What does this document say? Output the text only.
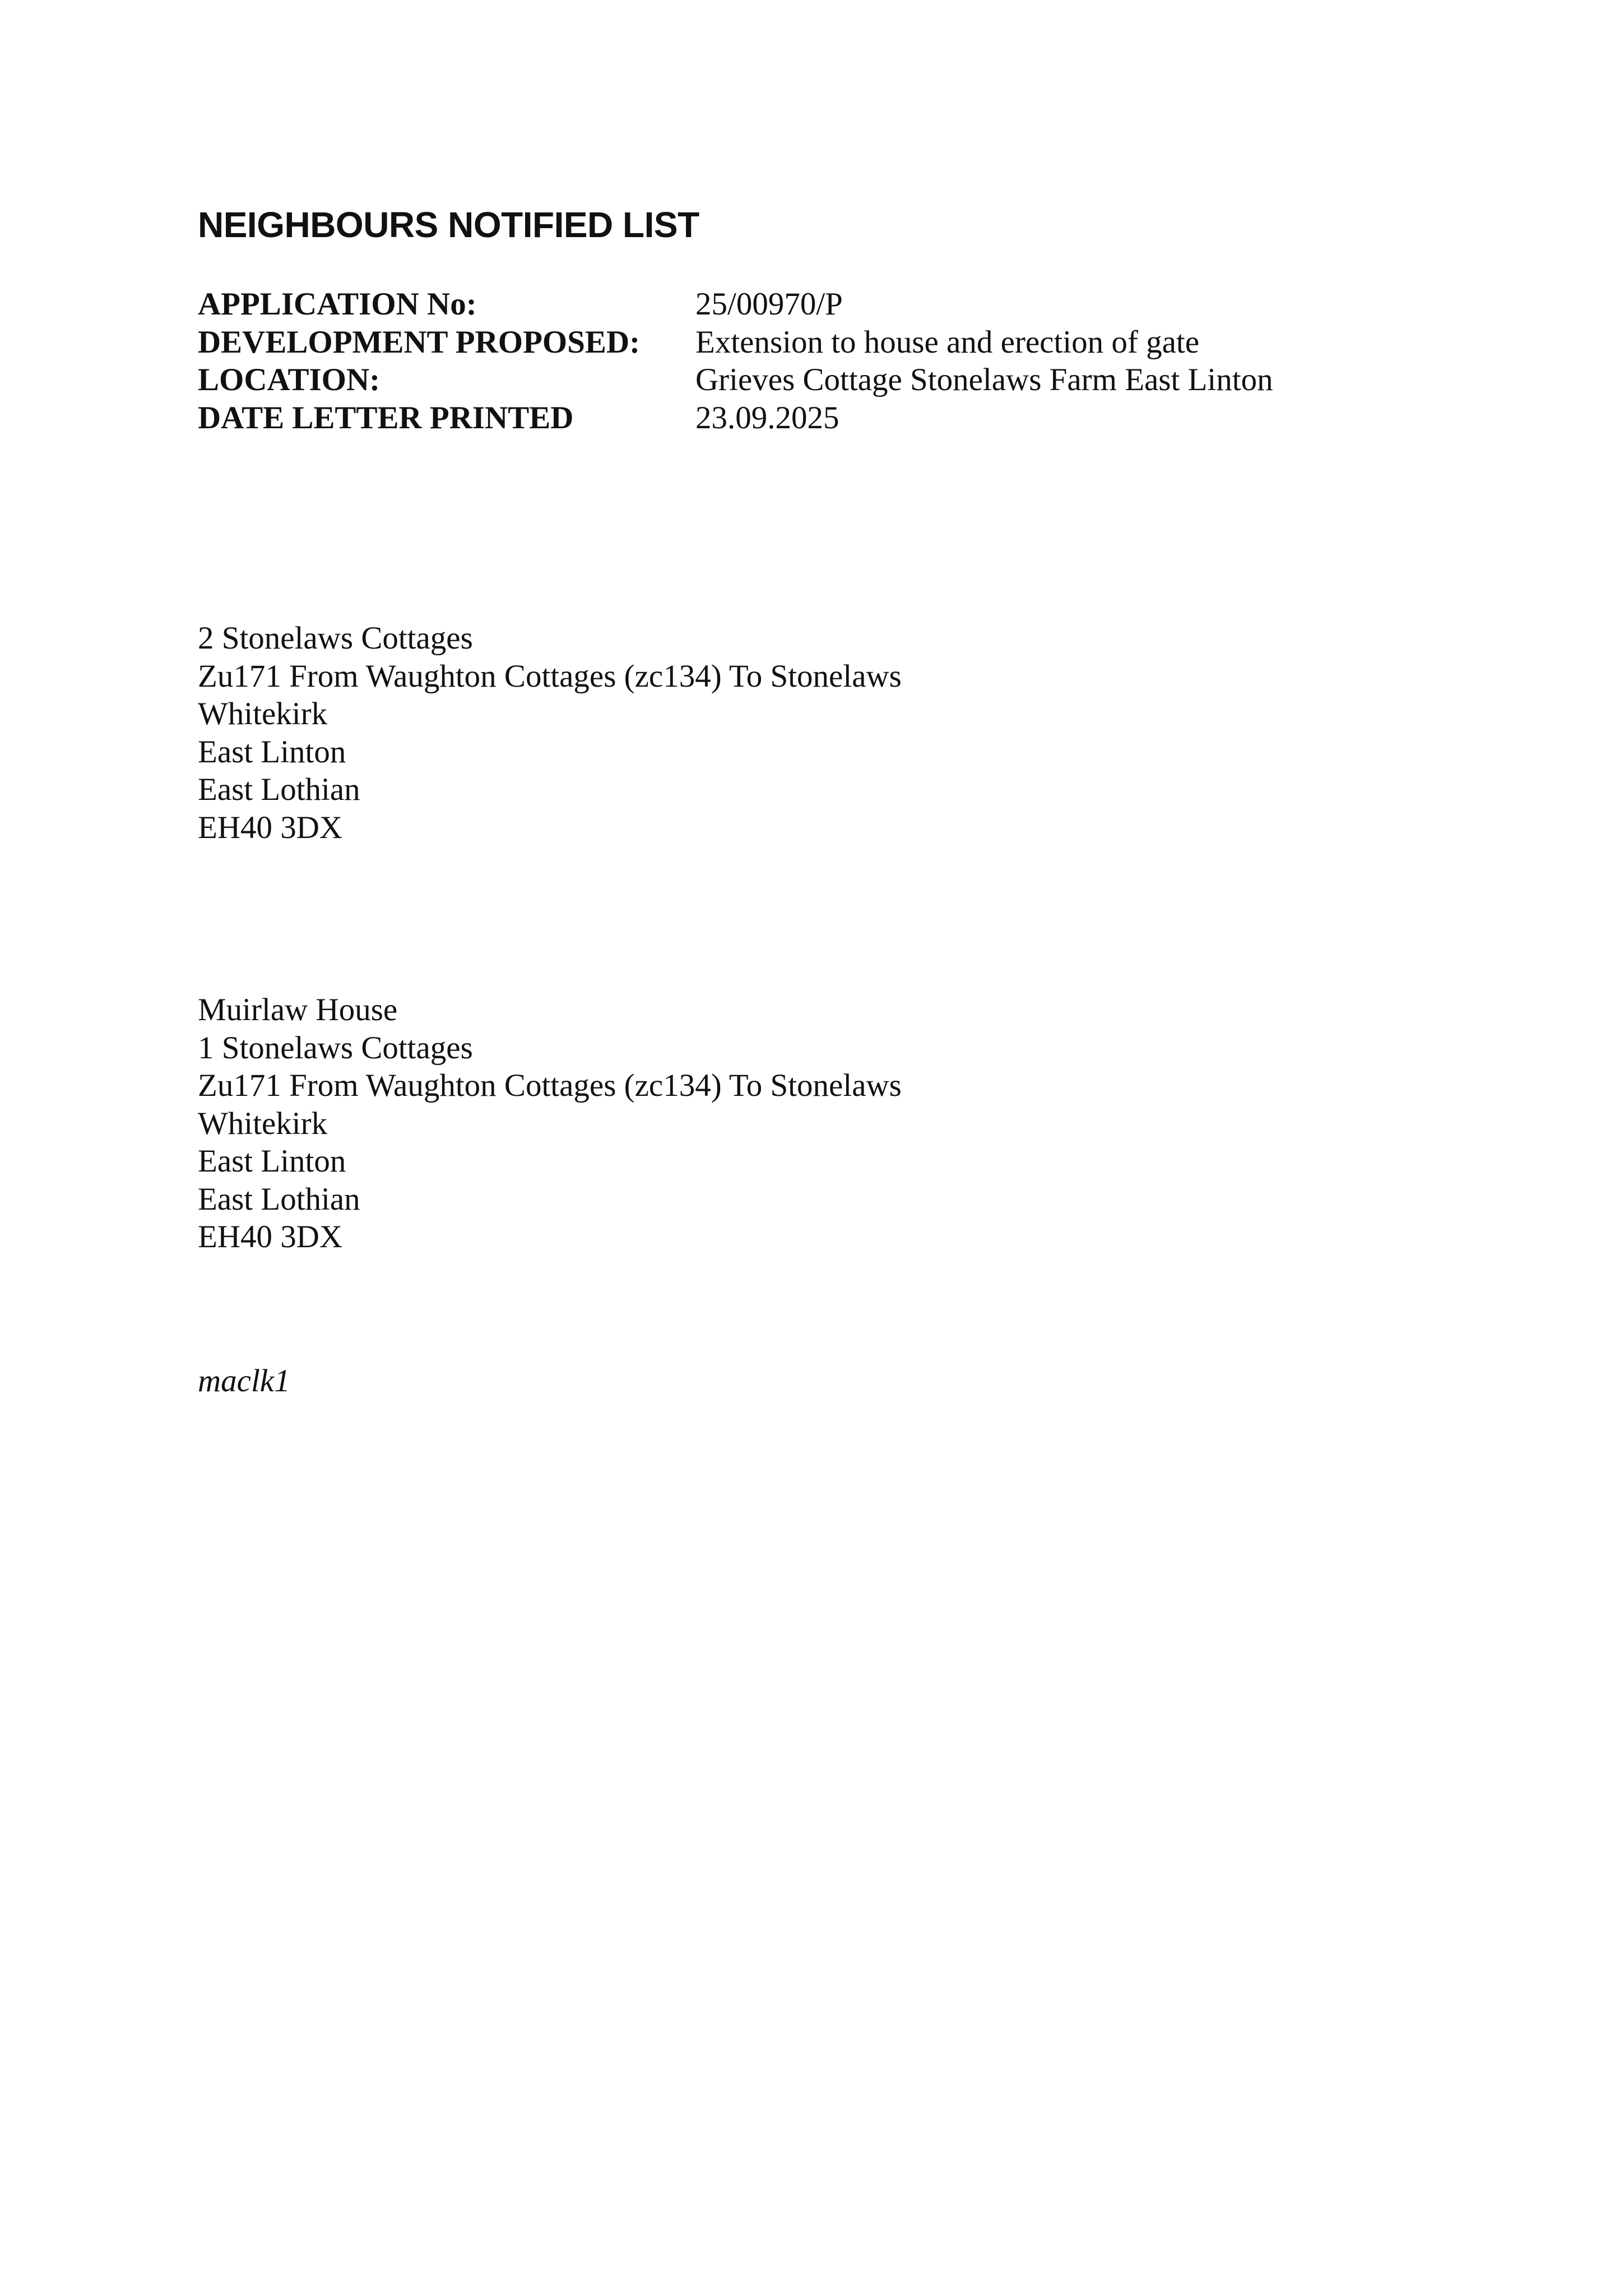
NEIGHBOURS NOTIFIED LIST
APPLICATION No:	25/00970/P
DEVELOPMENT PROPOSED:	Extension to house and erection of gate
LOCATION:	Grieves Cottage Stonelaws Farm East Linton
DATE LETTER PRINTED	23.09.2025
2 Stonelaws Cottages
Zu171 From Waughton Cottages (zc134) To Stonelaws
Whitekirk
East Linton
East Lothian
EH40 3DX
Muirlaw House
1 Stonelaws Cottages
Zu171 From Waughton Cottages (zc134) To Stonelaws
Whitekirk
East Linton
East Lothian
EH40 3DX
maclk1
